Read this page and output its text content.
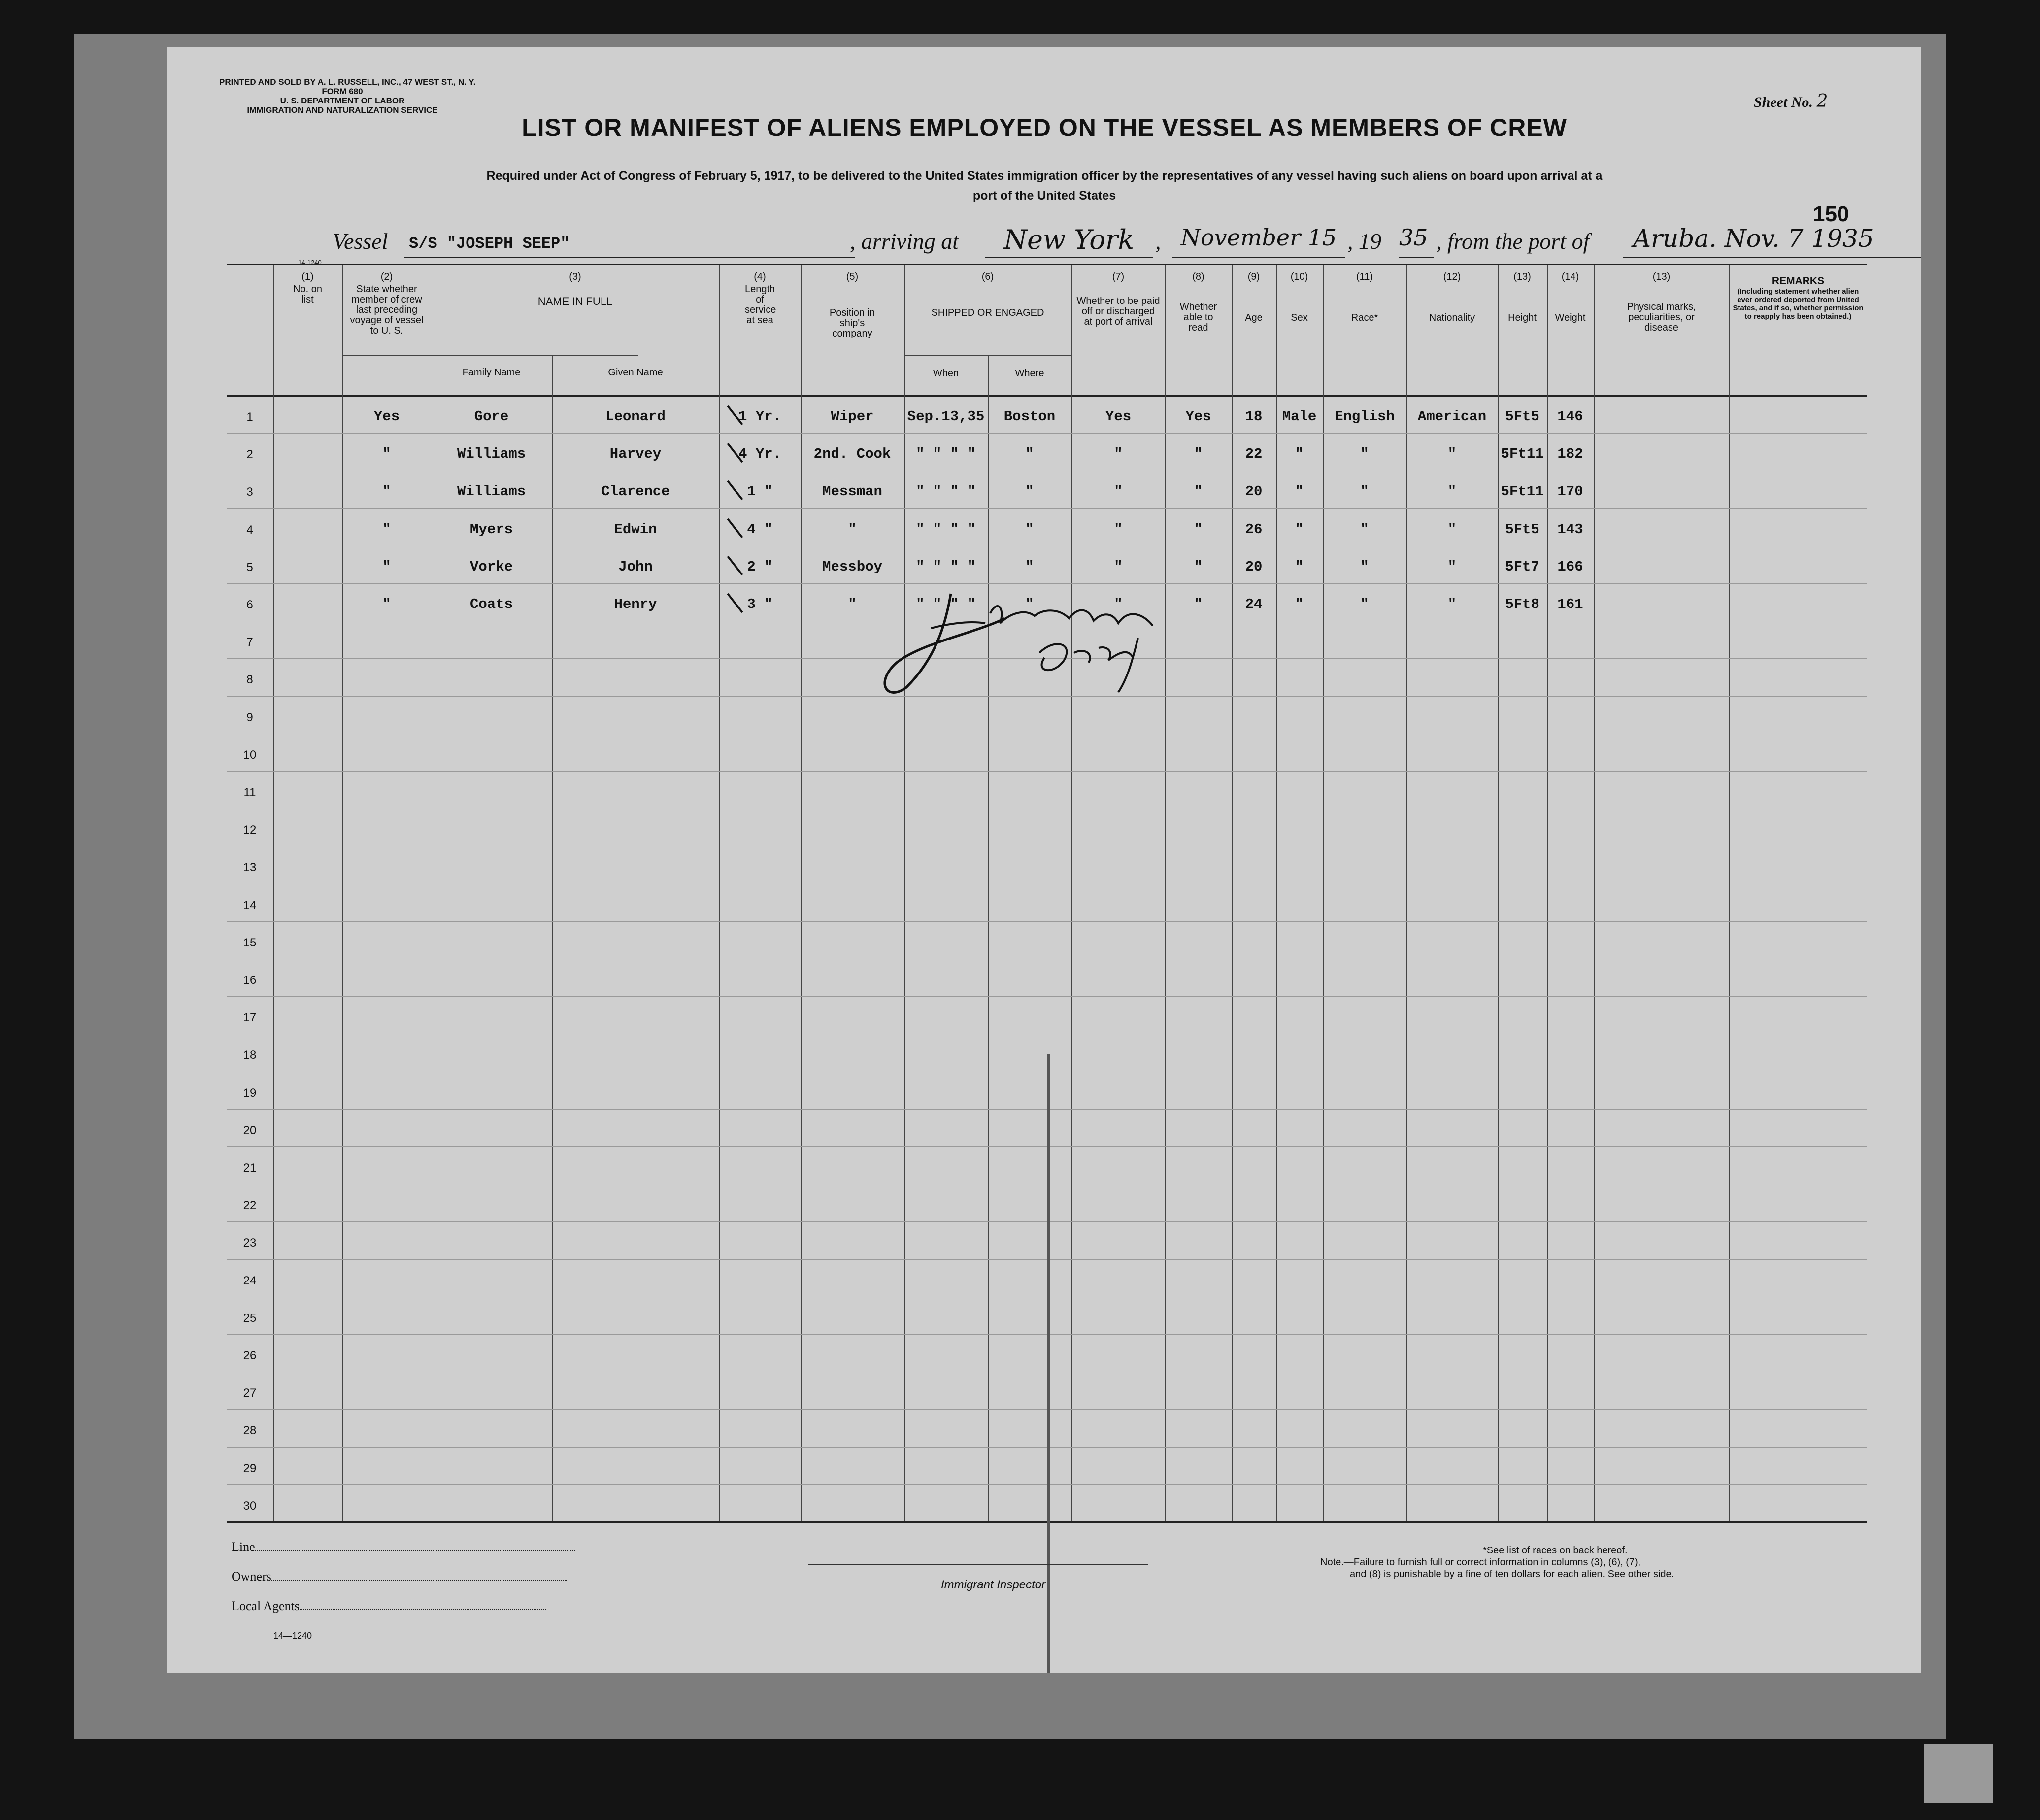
PRINTED AND SOLD BY A. L. RUSSELL, INC., 47 WEST ST., N. Y.
FORM 680
U. S. DEPARTMENT OF LABOR
IMMIGRATION AND NATURALIZATION SERVICE
14-1240
Sheet No. 2
LIST OR MANIFEST OF ALIENS EMPLOYED ON THE VESSEL AS MEMBERS OF CREW
Required under Act of Congress of February 5, 1917, to be delivered to the United States immigration officer by the representatives of any vessel having such aliens on board upon arrival at a
port of the United States
150
Vessel	S/S "JOSEPH SEEP"	, arriving at	New York , November 15 , 19 35 , from the port of	Aruba. Nov. 7 1935
(1)
No. on list
(2)
State whether member of crew last preceding voyage of vessel to U. S.
(3)
NAME IN FULL
Family Name	Given Name
(4)
Length of service at sea
(5)
Position in ship's company
(6)
SHIPPED OR ENGAGED
When	Where
(7)
Whether to be paid off or discharged at port of arrival
(8)
Whether able to read
(9)
Age
(10)
Sex
(11)
Race*
(12)
Nationality
(13)
Height
(14)
Weight
(13)
Physical marks, peculiarities, or disease
REMARKS
(Including statement whether alien ever ordered deported from United States, and if so, whether permission to reapply has been obtained.)
1	Yes	Gore	Leonard	1 Yr.	Wiper	Sep.13,35	Boston	Yes	Yes	18	Male	English	American	5Ft5	146
2	"	Williams	Harvey	4 Yr.	2nd. Cook	" " " "	"	"	"	22	"	"	"	5Ft11 182
3	"	Williams	Clarence	1 "	Messman	" " " "	"	"	"	20	"	"	"	5Ft11 170
4	"	Myers	Edwin	4 "	"	" " " "	"	"	"	26	"	"	"	5Ft5	143
5	"	Vorke	John	2 "	Messboy	" " " "	"	"	"	20	"	"	"	5Ft7	166
6	"	Coats	Henry	3 "	"	" " " "	"	"	"	24	"	"	"	5Ft8	161
7
8
9
10
11
12
13
14
15
16
17
18
19
20
21
22
23
24
25
26
27
28
29
30
Line
Owners
Local Agents
14—1240
Immigrant Inspector
*See list of races on back hereof.
Note.—Failure to furnish full or correct information in columns (3), (6), (7),
and (8) is punishable by a fine of ten dollars for each alien. See other side.
